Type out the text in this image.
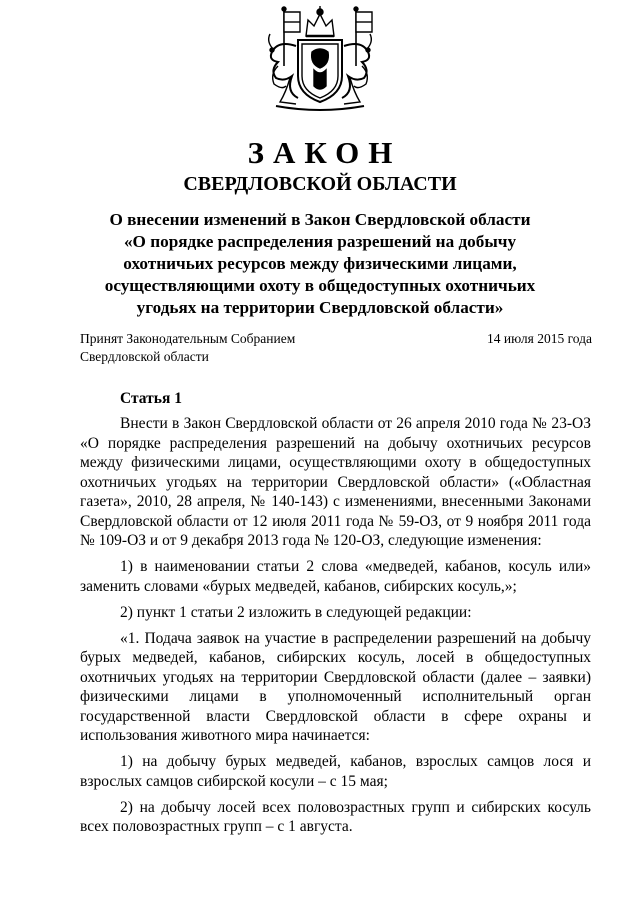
ЗАКОН
СВЕРДЛОВСКОЙ ОБЛАСТИ
О внесении изменений в Закон Свердловской области
«О порядке распределения разрешений на добычу
охотничьих ресурсов между физическими лицами,
осуществляющими охоту в общедоступных охотничьих
угодьях на территории Свердловской области»
Принят Законодательным Собранием
Свердловской области
14 июля 2015 года
Статья 1

Внести в Закон Свердловской области от 26 апреля 2010 года № 23-ОЗ «О порядке распределения разрешений на добычу охотничьих ресурсов между физическими лицами, осуществляющими охоту в общедоступных охотничьих угодьях на территории Свердловской области» («Областная газета», 2010, 28 апреля, № 140-143) с изменениями, внесенными Законами Свердловской области от 12 июля 2011 года № 59-ОЗ, от 9 ноября 2011 года № 109-ОЗ и от 9 декабря 2013 года № 120-ОЗ, следующие изменения:

1) в наименовании статьи 2 слова «медведей, кабанов, косуль или» заменить словами «бурых медведей, кабанов, сибирских косуль,»;

2) пункт 1 статьи 2 изложить в следующей редакции:

«1. Подача заявок на участие в распределении разрешений на добычу бурых медведей, кабанов, сибирских косуль, лосей в общедоступных охотничьих угодьях на территории Свердловской области (далее – заявки) физическими лицами в уполномоченный исполнительный орган государственной власти Свердловской области в сфере охраны и использования животного мира начинается:

1) на добычу бурых медведей, кабанов, взрослых самцов лося и взрослых самцов сибирской косули – с 15 мая;

2) на добычу лосей всех половозрастных групп и сибирских косуль всех половозрастных групп – с 1 августа.
